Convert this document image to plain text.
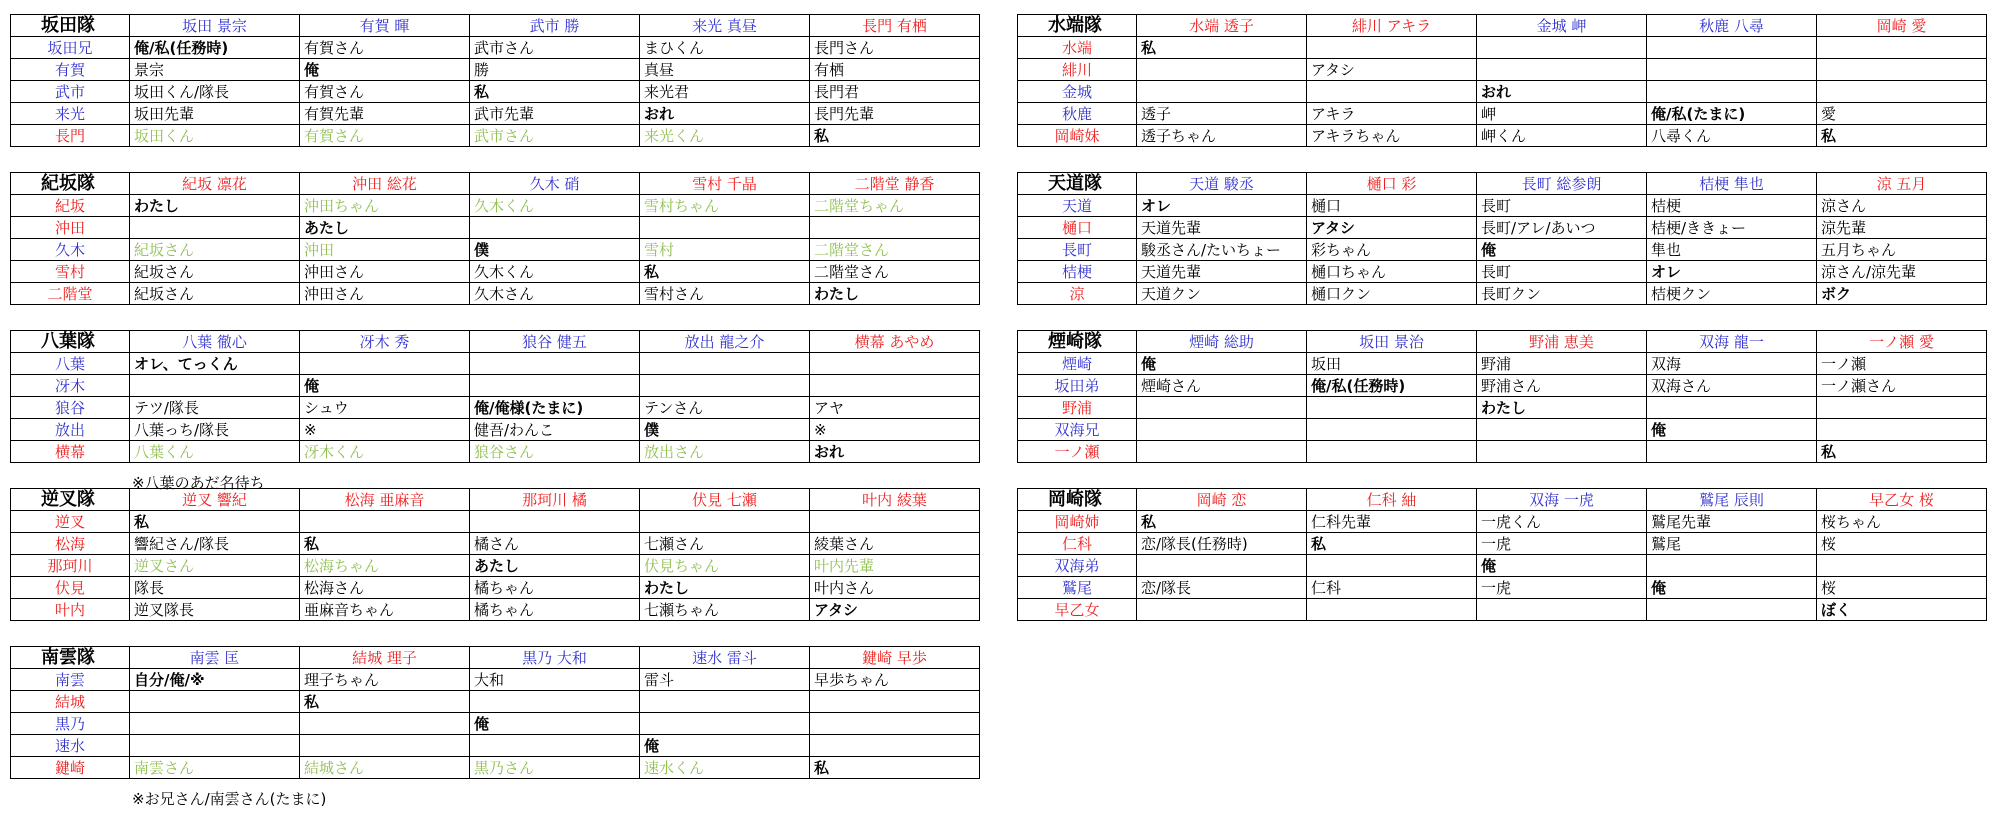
坂田隊	坂田 景宗	有賀 暉	武市 勝	来光 真昼	長門 有栖
坂田兄	俺/私(任務時)	有賀さん	武市さん	まひくん	長門さん
有賀	景宗	俺	勝	真昼	有栖
武市	坂田くん/隊長	有賀さん	私	来光君	長門君
来光	坂田先輩	有賀先輩	武市先輩	おれ	長門先輩
長門	坂田くん	有賀さん	武市さん	来光くん	私
水端隊	水端 透子	緋川 アキラ	金城 岬	秋鹿 八尋	岡崎 愛
水端	私				
緋川		アタシ			
金城			おれ		
秋鹿	透子	アキラ	岬	俺/私(たまに)	愛
岡崎妹	透子ちゃん	アキラちゃん	岬くん	八尋くん	私
紀坂隊	紀坂 凛花	沖田 総花	久木 硝	雪村 千晶	二階堂 静香
紀坂	わたし	沖田ちゃん	久木くん	雪村ちゃん	二階堂ちゃん
沖田		あたし			
久木	紀坂さん	沖田	僕	雪村	二階堂さん
雪村	紀坂さん	沖田さん	久木くん	私	二階堂さん
二階堂	紀坂さん	沖田さん	久木さん	雪村さん	わたし
天道隊	天道 駿丞	樋口 彩	長町 総参朗	桔梗 隼也	涼 五月
天道	オレ	樋口	長町	桔梗	涼さん
樋口	天道先輩	アタシ	長町/アレ/あいつ	桔梗/ききょー	涼先輩
長町	駿丞さん/たいちょー	彩ちゃん	俺	隼也	五月ちゃん
桔梗	天道先輩	樋口ちゃん	長町	オレ	涼さん/涼先輩
涼	天道クン	樋口クン	長町クン	桔梗クン	ボク
八葉隊	八葉 徹心	冴木 秀	狼谷 健五	放出 龍之介	横幕 あやめ
八葉	オレ、てっくん				
冴木		俺			
狼谷	テツ/隊長	シュウ	俺/俺様(たまに)	テンさん	アヤ
放出	八葉っち/隊長	※	健吾/わんこ	僕	※
横幕	八葉くん	冴木くん	狼谷さん	放出さん	おれ
※八葉のあだ名待ち
煙崎隊	煙崎 総助	坂田 景治	野浦 恵美	双海 龍一	一ノ瀬 愛
煙崎	俺	坂田	野浦	双海	一ノ瀬
坂田弟	煙崎さん	俺/私(任務時)	野浦さん	双海さん	一ノ瀬さん
野浦			わたし		
双海兄				俺	
一ノ瀬					私
逆叉隊	逆叉 響紀	松海 亜麻音	那珂川 橘	伏見 七瀬	叶内 綾葉
逆叉	私				
松海	響紀さん/隊長	私	橘さん	七瀬さん	綾葉さん
那珂川	逆叉さん	松海ちゃん	あたし	伏見ちゃん	叶内先輩
伏見	隊長	松海さん	橘ちゃん	わたし	叶内さん
叶内	逆叉隊長	亜麻音ちゃん	橘ちゃん	七瀬ちゃん	アタシ
岡崎隊	岡崎 恋	仁科 紬	双海 一虎	鷲尾 辰則	早乙女 桜
岡崎姉	私	仁科先輩	一虎くん	鷲尾先輩	桜ちゃん
仁科	恋/隊長(任務時)	私	一虎	鷲尾	桜
双海弟			俺		
鷲尾	恋/隊長	仁科	一虎	俺	桜
早乙女					ぼく
南雲隊	南雲 匡	結城 理子	黒乃 大和	速水 雷斗	鍵崎 早歩
南雲	自分/俺/※	理子ちゃん	大和	雷斗	早歩ちゃん
結城		私			
黒乃			俺		
速水				俺	
鍵崎	南雲さん	結城さん	黒乃さん	速水くん	私
※お兄さん/南雲さん(たまに)
